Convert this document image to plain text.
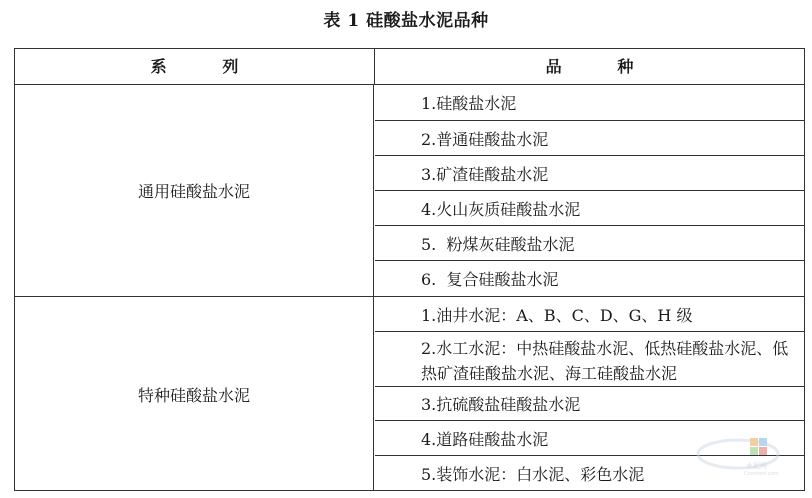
表 1 硅酸盐水泥品种
系          列	品          种
通用硅酸盐水泥
1.硅酸盐水泥
2.普通硅酸盐水泥
3.矿渣硅酸盐水泥
4.火山灰质硅酸盐水泥
5.  粉煤灰硅酸盐水泥
6.  复合硅酸盐水泥
特种硅酸盐水泥
1.油井水泥：A、B、C、D、G、H 级
2.水工水泥：中热硅酸盐水泥、低热硅酸盐水泥、低热矿渣硅酸盐水泥、海工硅酸盐水泥
3.抗硫酸盐硅酸盐水泥
4.道路硅酸盐水泥
5.装饰水泥：白水泥、彩色水泥	水泥网
Ccement.com
